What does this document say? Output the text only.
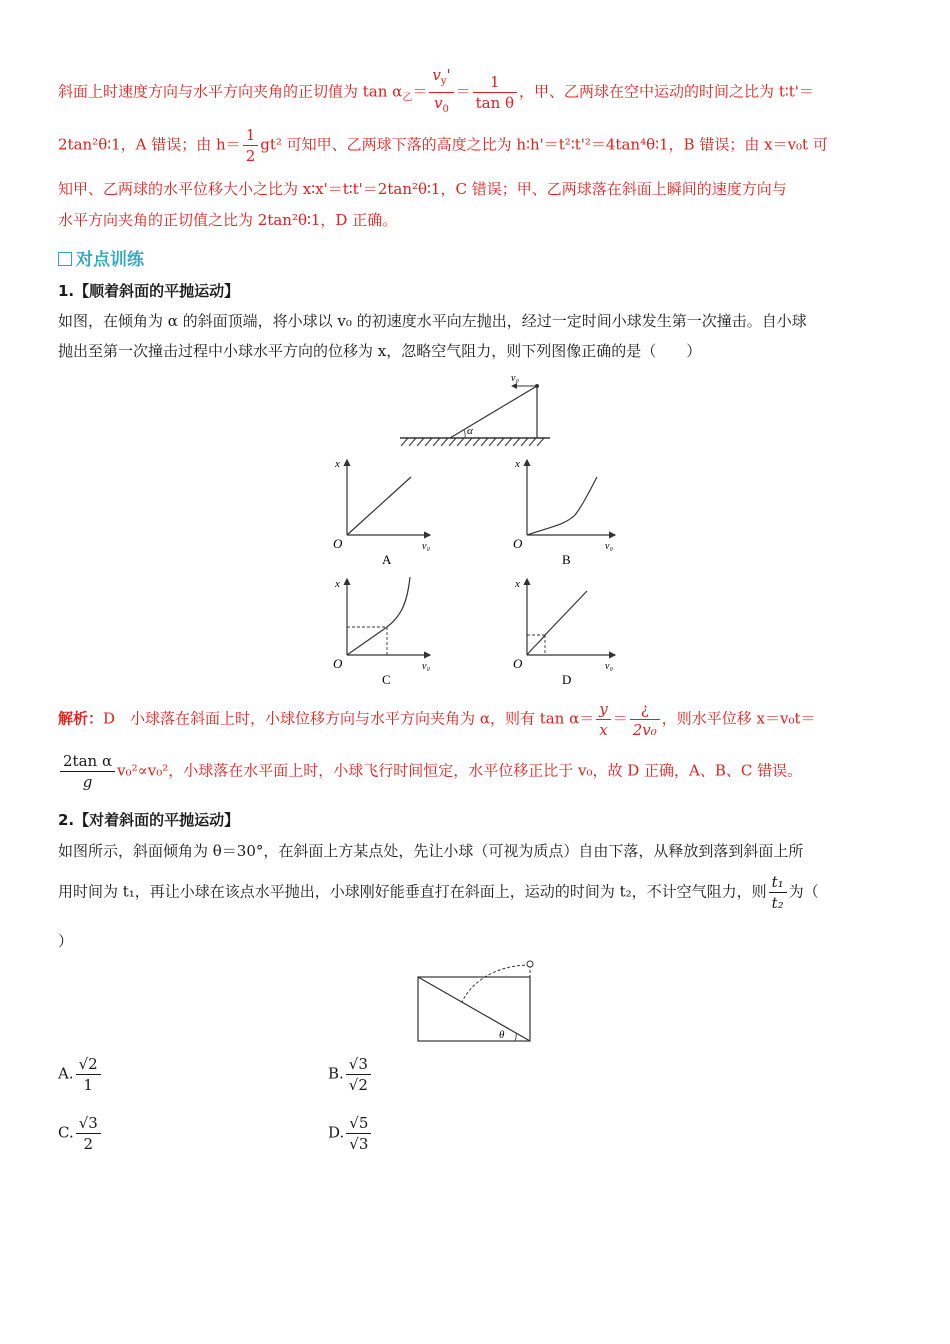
斜面上时速度方向与水平方向夹角的正切值为 $\tan \alpha_乙= \frac{v_y'}{v_0} = \frac{1}{\text{tan θ}}$ ，甲、乙两球在空中运动的时间之比为 t∶t'＝
2tan²θ∶1，A 错误；由 $h= \frac{1}{2} gt^2$ 可知甲、乙两球下落的高度之比为 h∶h'＝t²∶t'²＝4tan⁴θ∶1，B 错误；由 x＝v₀t 可
知甲、乙两球的水平位移大小之比为 x∶x'＝t∶t'＝2tan²θ∶1，C 错误；甲、乙两球落在斜面上瞬间的速度方向与
水平方向夹角的正切值之比为 2tan²θ∶1，D 正确。
对点训练
1.【顺着斜面的平抛运动】
如图，在倾角为 α 的斜面顶端，将小球以 v₀ 的初速度水平向左抛出，经过一定时间小球发生第一次撞击。自小球
抛出至第一次撞击过程中小球水平方向的位移为 x，忽略空气阻力，则下列图像正确的是（　　）
v₀
α
x
O	v₀
A
x
O	v₀
B
x
O	v₀
C
x
O	v₀
D
解析：D　小球落在斜面上时，小球位移方向与水平方向夹角为 α，则有 $\tan \alpha= \frac{y}{x} = \frac{¿}{\text{2v₀}}$ ，则水平位移 x＝v₀t＝
$\frac{\text{2tan α}}{g} v_0^2\propto v_0^2$，小球落在水平面上时，小球飞行时间恒定，水平位移正比于 v₀，故 D 正确，A、B、C 错误。
2.【对着斜面的平抛运动】
如图所示，斜面倾角为 θ＝30°，在斜面上方某点处，先让小球（可视为质点）自由下落，从释放到落到斜面上所
用时间为 t₁，再让小球在该点水平抛出，小球刚好能垂直打在斜面上，运动的时间为 t₂，不计空气阻力，则 $\frac{\text{t₁}}{\text{t₂}}$ 为（
）
θ
A. $\frac{√2}{1}$	B. $\frac{√3}{√2}$
C. $\frac{√3}{2}$	D. $\frac{√5}{√3}$
